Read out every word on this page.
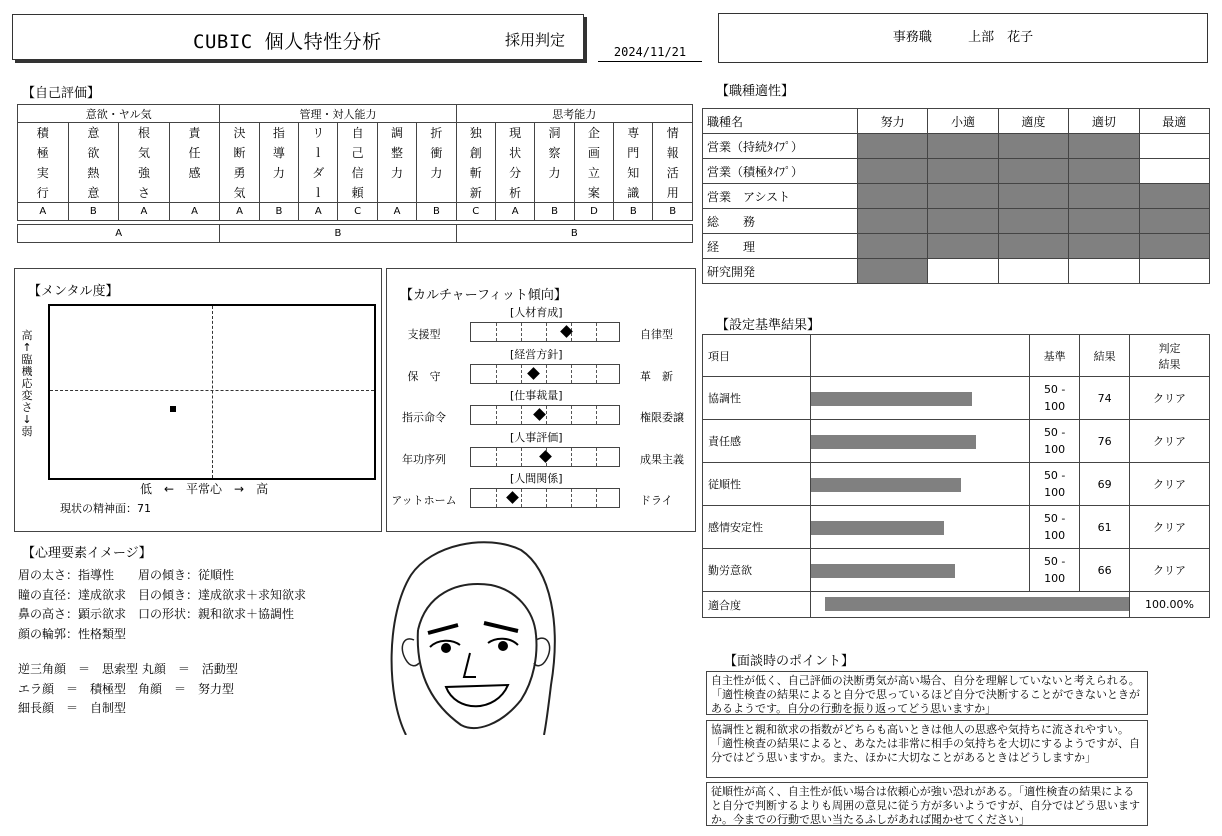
CUBIC 個人特性分析	採用判定
2024/11/21
事務職	上部　花子
【自己評価】
意欲・ヤル気				管理・対人能力						思考能力					
積	意	根	責	決	指	リ	自	調	折	独	現	洞	企	専	情
極	欲	気	任	断	導	ｌ	己	整	衝	創	状	察	画	門	報
実	熱	強	感	勇	力	ダ	信	力	力	斬	分	力	立	知	活
行	意	さ		気		ｌ	頼			新	析		案	識	用
A	B	A	A	A	B	A	C	A	B	C	A	B	D	B	B

A				B						B					
【メンタル度】
高
↑
臨
機
応
変
さ
↓
弱
低　←　平常心　→　高
現状の精神面：71
【カルチャーフィット傾向】
[人材育成]
支援型	自律型
[経営方針]
保　守	革　新
[仕事裁量]
指示命令	権限委譲
[人事評価]
年功序列	成果主義
[人間関係]
アットホーム	ドライ
【心理要素イメージ】
眉の太さ：指導性　　眉の傾き：従順性
瞳の直径：達成欲求　目の傾き：達成欲求＋求知欲求
鼻の高さ：顕示欲求　口の形状：親和欲求＋協調性
顔の輪郭：性格類型
逆三角顔　＝　思索型 丸顔　＝　活動型
エラ顔　＝　積極型　角顔　＝　努力型
細長顔　＝　自制型
【職種適性】
職種名	努力	小適	適度	適切	最適
営業（持続ﾀｲﾌﾟ）					
営業（積極ﾀｲﾌﾟ）					
営業　アシスト					
総　　務					
経　　理					
研究開発					
【設定基準結果】
項目		基準	結果	判定
結果

協調性		50 -
100	74	クリア
責任感		50 -
100	76	クリア
従順性		50 -
100	69	クリア
感情安定性		50 -
100	61	クリア
勤労意欲		50 -
100	66	クリア
適合度				100.00%
【面談時のポイント】
自主性が低く、自己評価の決断勇気が高い場合、自分を理解していないと考えられる。「適性検査の結果によると自分で思っているほど自分で決断することができないときがあるようです。自分の行動を振り返ってどう思いますか」
協調性と親和欲求の指数がどちらも高いときは他人の思惑や気持ちに流されやすい。「適性検査の結果によると、あなたは非常に相手の気持ちを大切にするようですが、自分ではどう思いますか。また、ほかに大切なことがあるときはどうしますか」
従順性が高く、自主性が低い場合は依頼心が強い恐れがある。「適性検査の結果によると自分で判断するよりも周囲の意見に従う方が多いようですが、自分ではどう思いますか。今までの行動で思い当たるふしがあれば聞かせてください」
